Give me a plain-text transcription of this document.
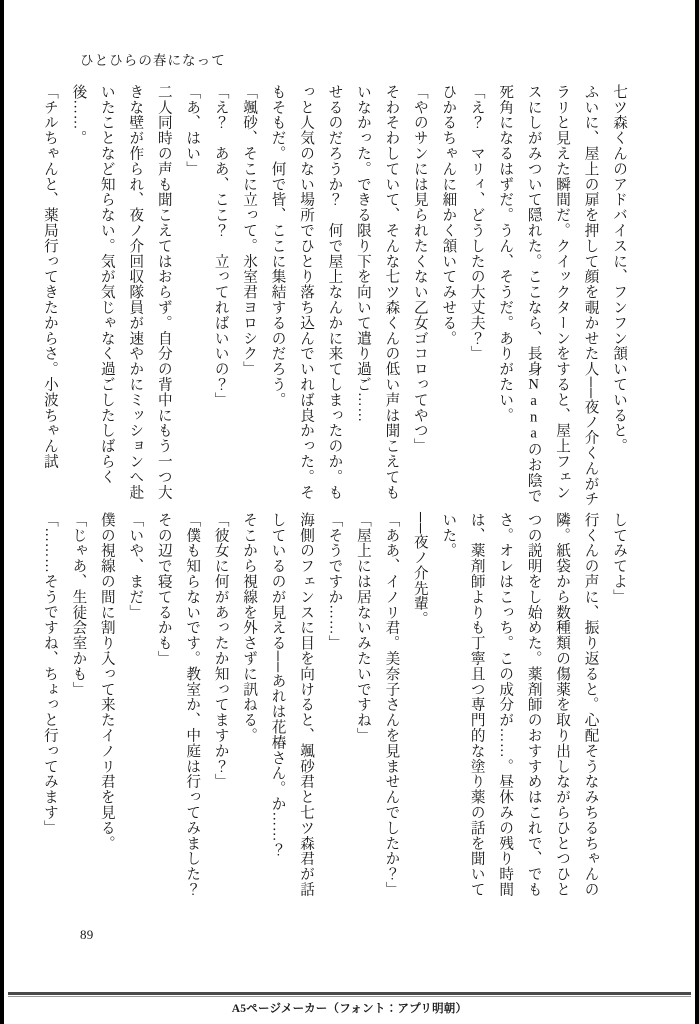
ひとひらの春になって

七ツ森くんのアドバイスに、フンフン頷いていると。

ふいに、屋上の扉を押して顔を覗かせた人──夜ノ介くんがチラリと見えた瞬間だ。クイックターンをすると、屋上フェンスにしがみついて隠れた。ここなら、長身Nanaのお陰で死角になるはずだ。うん、そうだ。ありがたい。

「え？　マリィ、どうしたの大丈夫？」

ひかるちゃんに細かく頷いてみせる。

「やのサンには見られたくない乙女ゴコロってやつ」

そわそわしていて、そんな七ツ森くんの低い声は聞こえてもいなかった。できる限り下を向いて遣り過ご……

せるのだろうか？　何で屋上なんかに来てしまったのか。もっと人気のない場所でひとり落ち込んでいれば良かった。そもそもだ。何で皆、ここに集結するのだろう。

「颯砂、そこに立って。氷室君ヨロシク」

「え？　ああ、ここ？　立ってればいいの？」

「あ、はい」

二人同時の声も聞こえてはおらず。自分の背中にもう一つ大きな壁が作られ、夜ノ介回収隊員が速やかにミッションへ赴いたことなど知らない。気が気じゃなく過ごしたしばらく後……。

「チルちゃんと、薬局行ってきたからさ。小波ちゃん試

してみてよ」

行くんの声に、振り返ると。心配そうなみちるちゃんの隣。紙袋から数種類の傷薬を取り出しながらひとつひとつの説明をし始めた。薬剤師のおすすめはこれで、でもさ。オレはこっち。この成分が……。昼休みの残り時間は、薬剤師よりも丁寧且つ専門的な塗り薬の話を聞いていた。

──夜ノ介先輩。

「ああ、イノリ君。美奈子さんを見ませんでしたか？」

「屋上には居ないみたいですね」

「そうですか……」

海側のフェンスに目を向けると、颯砂君と七ツ森君が話しているのが見える──あれは花椿さん。か……？

そこから視線を外さずに訊ねる。

「彼女に何があったか知ってますか？」

「僕も知らないです。教室か、中庭は行ってみました？　その辺で寝てるかも」

「いや、まだ」

僕の視線の間に割り入って来たイノリ君を見る。

「じゃあ、生徒会室かも」

「………そうですね、ちょっと行ってみます」

89
A5ページメーカー（フォント：アプリ明朝）
